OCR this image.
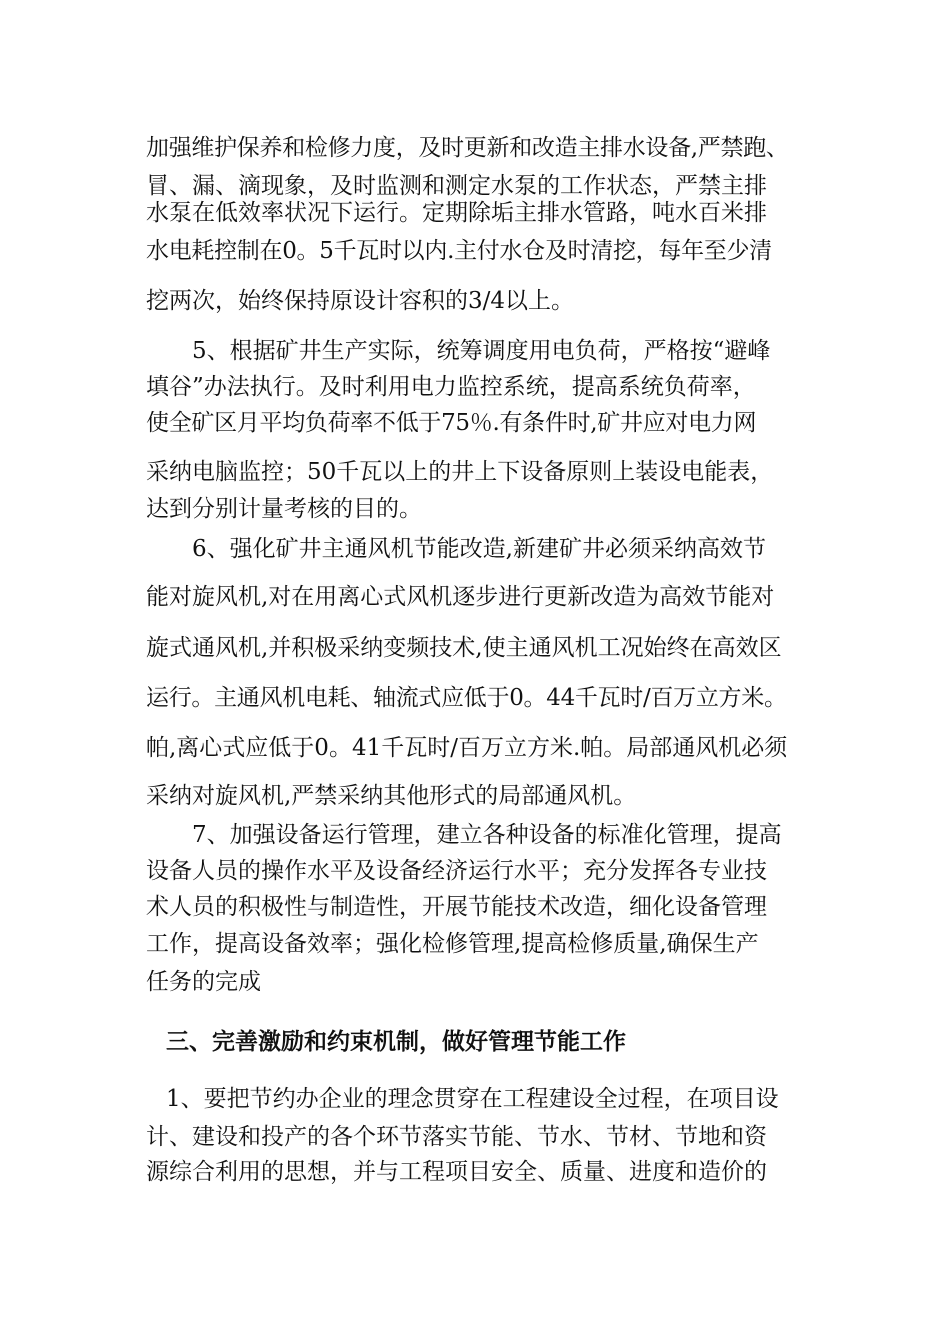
加强维护保养和检修力度，及时更新和改造主排水设备,严禁跑、

冒、漏、滴现象，及时监测和测定水泵的工作状态，严禁主排

水泵在低效率状况下运行。定期除垢主排水管路，吨水百米排

水电耗控制在0。5千瓦时以内.主付水仓及时清挖，每年至少清

挖两次，始终保持原设计容积的3/4以上。

5、根据矿井生产实际，统筹调度用电负荷，严格按“避峰

填谷”办法执行。及时利用电力监控系统，提高系统负荷率，

使全矿区月平均负荷率不低于75％.有条件时,矿井应对电力网

采纳电脑监控；50千瓦以上的井上下设备原则上装设电能表，

达到分别计量考核的目的。

6、强化矿井主通风机节能改造,新建矿井必须采纳高效节

能对旋风机,对在用离心式风机逐步进行更新改造为高效节能对

旋式通风机,并积极采纳变频技术,使主通风机工况始终在高效区

运行。主通风机电耗、轴流式应低于0。44千瓦时/百万立方米。

帕,离心式应低于0。41千瓦时/百万立方米.帕。局部通风机必须

采纳对旋风机,严禁采纳其他形式的局部通风机。

7、加强设备运行管理，建立各种设备的标准化管理，提高

设备人员的操作水平及设备经济运行水平；充分发挥各专业技

术人员的积极性与制造性，开展节能技术改造，细化设备管理

工作，提高设备效率；强化检修管理,提高检修质量,确保生产

任务的完成

三、完善激励和约束机制，做好管理节能工作

1、要把节约办企业的理念贯穿在工程建设全过程，在项目设

计、建设和投产的各个环节落实节能、节水、节材、节地和资

源综合利用的思想，并与工程项目安全、质量、进度和造价的
